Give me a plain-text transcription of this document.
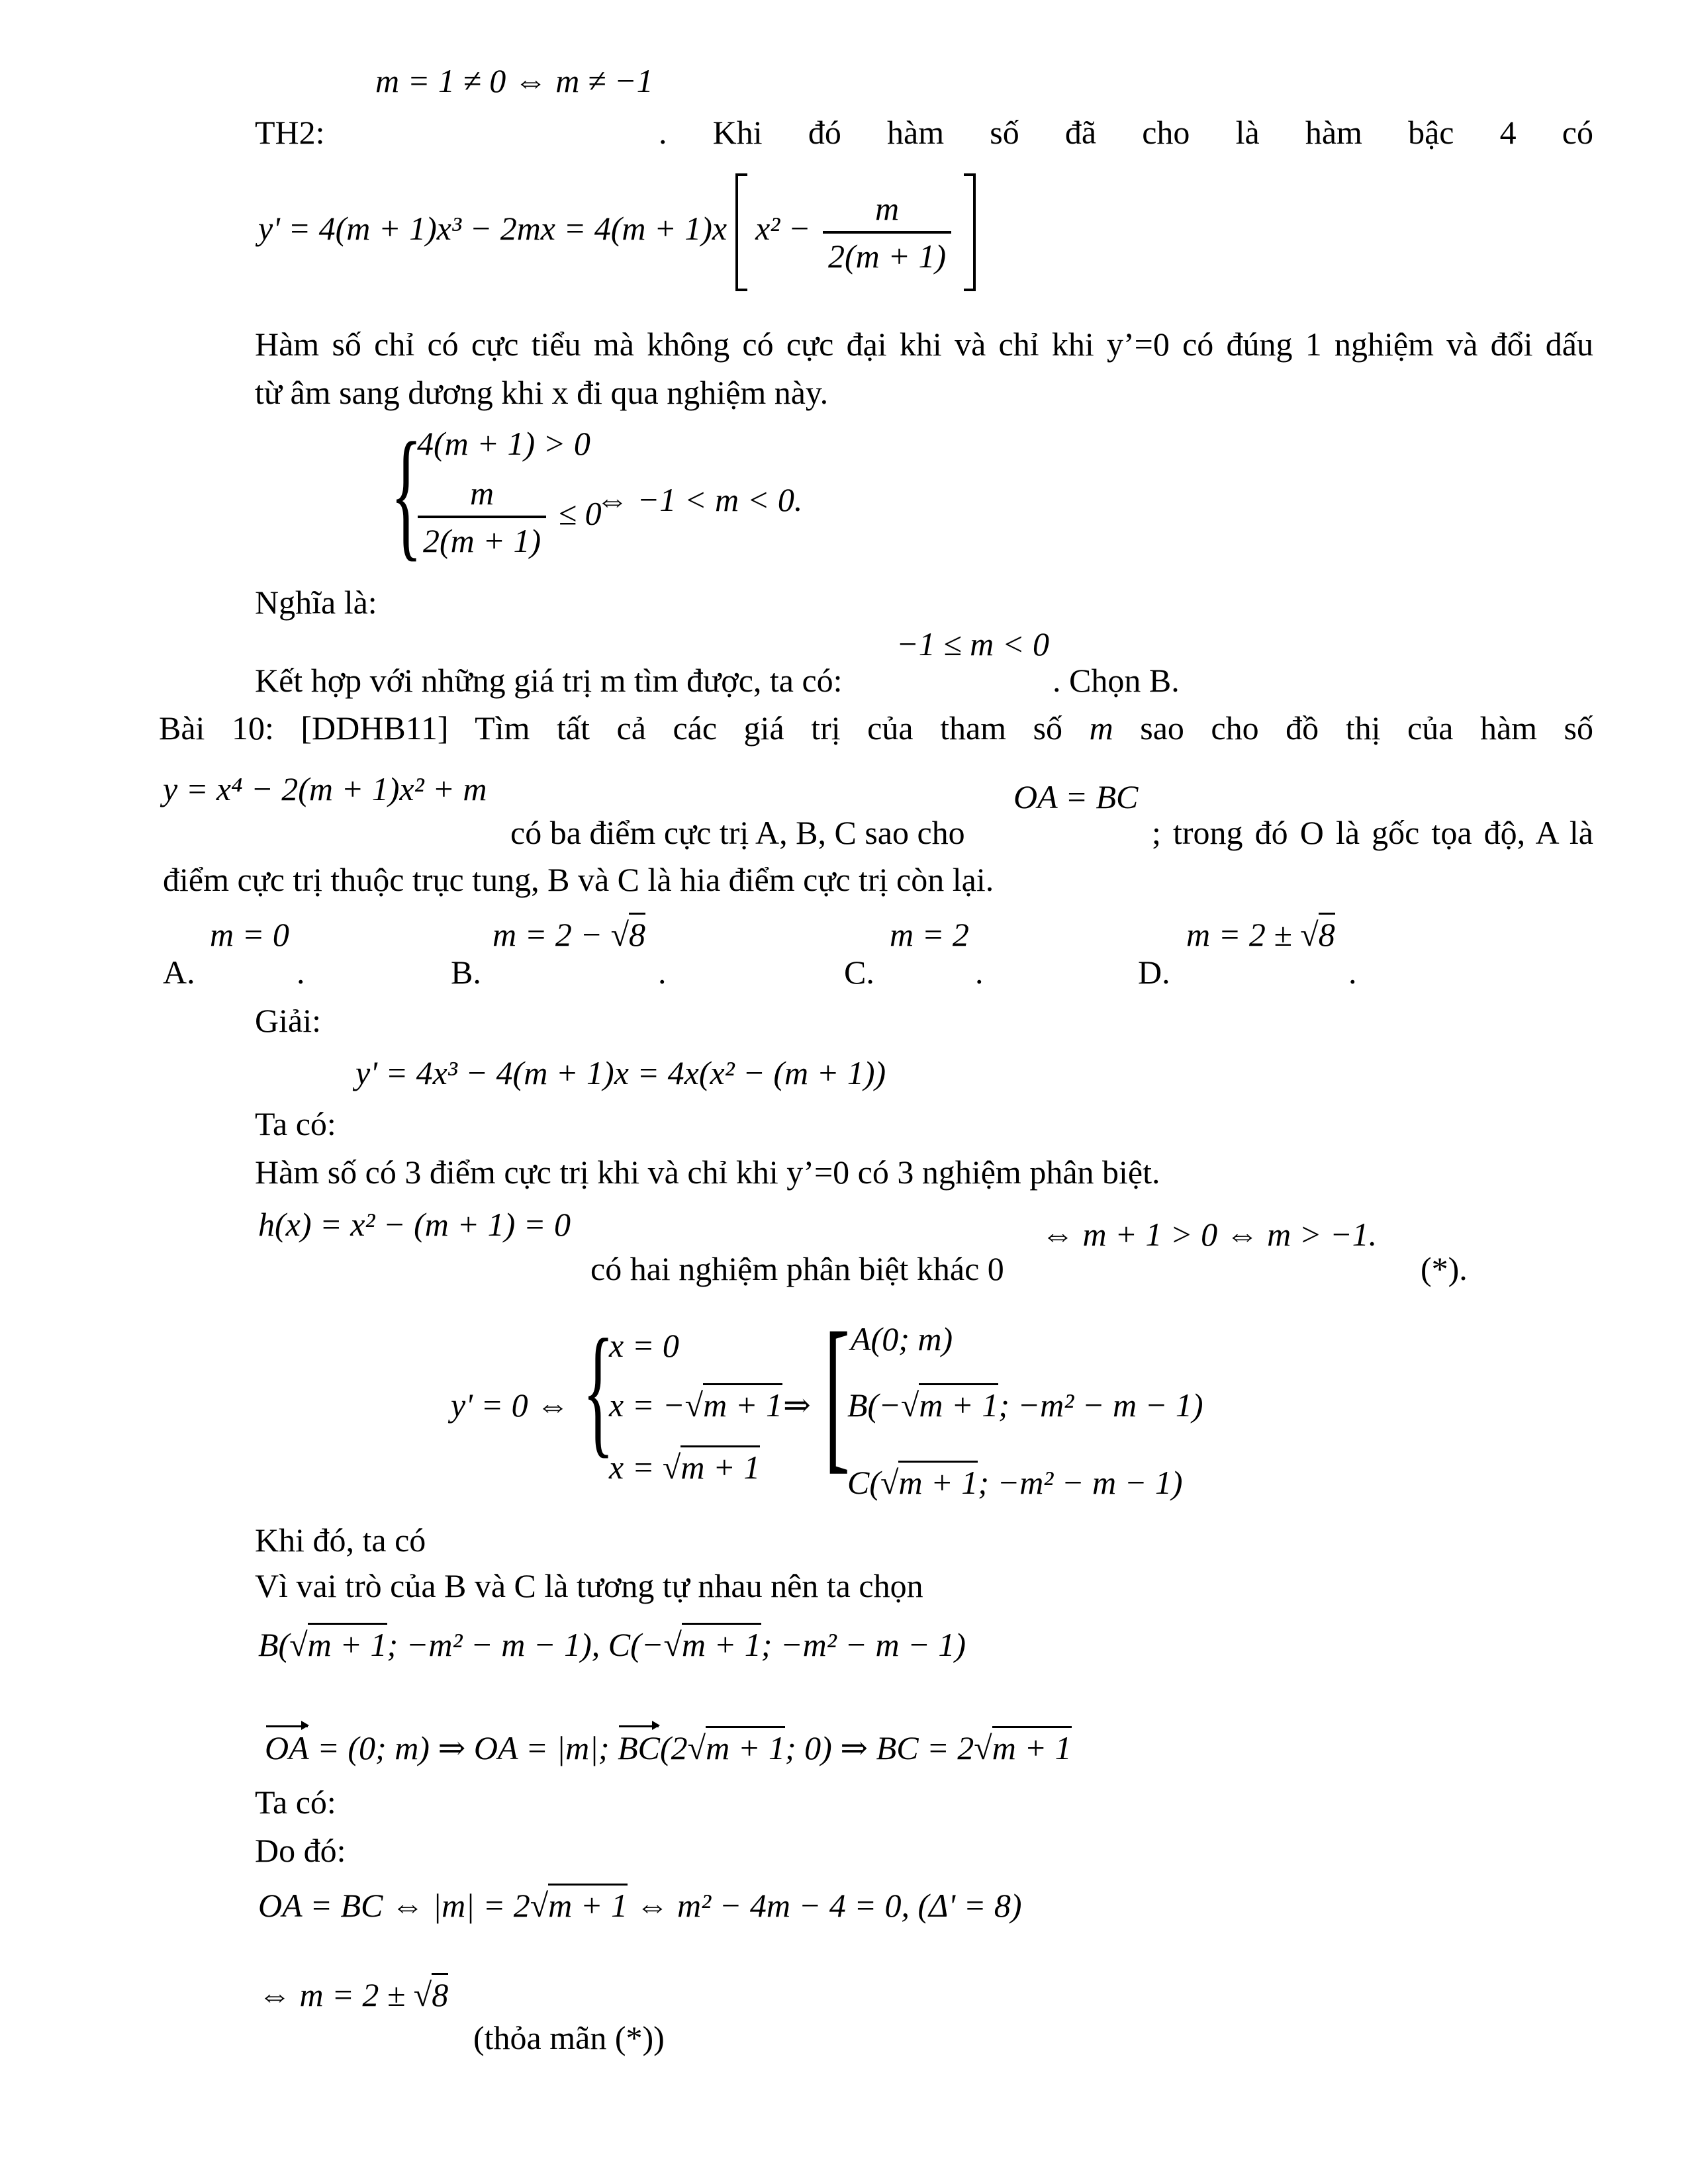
m = 1 ≠ 0 ⇔ m ≠ −1
TH2:	. Khi đó hàm số đã cho là hàm bậc 4 có
y' = 4(m + 1)x³ − 2mx = 4(m + 1)x $x^2 - \frac{m}{2(m + 1)}$

Hàm số chỉ có cực tiểu mà không có cực đại khi và chỉ khi y’=0 có đúng 1 nghiệm và đổi dấu
từ âm sang dương khi x đi qua nghiệm này.
{
4(m + 1) > 0
$\frac{m}{2(m + 1)} \le 0$
⇔ −1 < m < 0.
Nghĩa là:
−1 ≤ m < 0
Kết hợp với những giá trị m tìm được, ta có:	. Chọn B.
Bài 10: [DDHB11] Tìm tất cả các giá trị của tham số m sao cho đồ thị của hàm số
y = x⁴ − 2(m + 1)x² + m	OA = BC
có ba điểm cực trị A, B, C sao cho	; trong đó O là gốc tọa độ, A là
điểm cực trị thuộc trục tung, B và C là hia điểm cực trị còn lại.
m = 0	m = 2 − √8	m = 2	m = 2 ± √8
A.	.	B.	.	C.	.	D.	.
Giải:
y' = 4x³ − 4(m + 1)x = 4x(x² − (m + 1))
Ta có:
Hàm số có 3 điểm cực trị khi và chỉ khi y’=0 có 3 nghiệm phân biệt.
h(x) = x² − (m + 1) = 0	⇔ m + 1 > 0 ⇔ m > −1.
có hai nghiệm phân biệt khác 0	(*).
y' = 0 ⇔ {
x = 0
x = −√m + 1
x = √m + 1
⇒ [ A(0; m)
B(−√m + 1; −m² − m − 1)
C(√m + 1; −m² − m − 1)
Khi đó, ta có
Vì vai trò của B và C là tương tự nhau nên ta chọn
B(√m + 1; −m² − m − 1), C(−√m + 1; −m² − m − 1)
OA = (0; m) ⇒ OA = |m|; BC(2√m + 1; 0) ⇒ BC = 2√m + 1
Ta có:
Do đó:
OA = BC ⇔ |m| = 2√m + 1 ⇔ m² − 4m − 4 = 0, (Δ' = 8)
⇔ m = 2 ± √8
(thỏa mãn (*))
